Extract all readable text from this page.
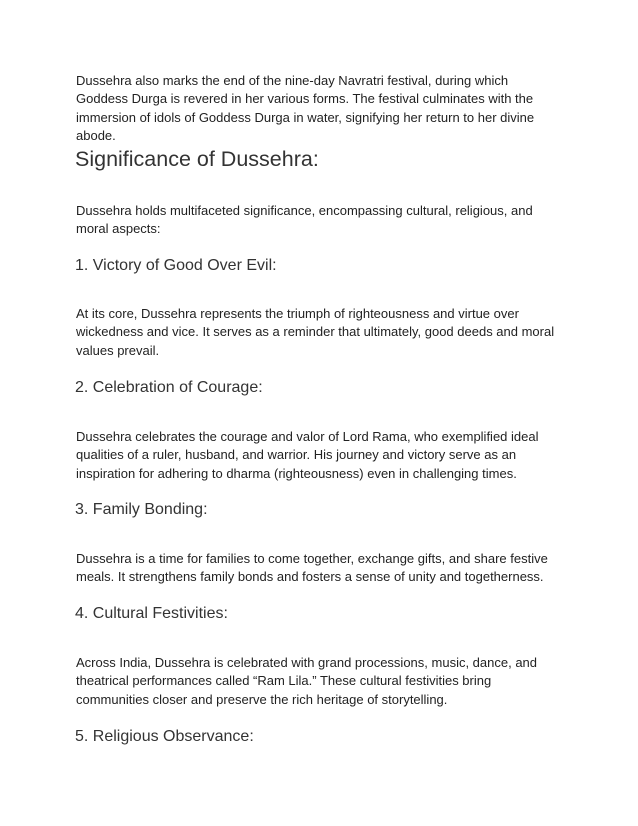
Dussehra also marks the end of the nine-day Navratri festival, during which Goddess Durga is revered in her various forms. The festival culminates with the immersion of idols of Goddess Durga in water, signifying her return to her divine abode.

Significance of Dussehra:

Dussehra holds multifaceted significance, encompassing cultural, religious, and moral aspects:

1. Victory of Good Over Evil:

At its core, Dussehra represents the triumph of righteousness and virtue over wickedness and vice. It serves as a reminder that ultimately, good deeds and moral values prevail.

2. Celebration of Courage:

Dussehra celebrates the courage and valor of Lord Rama, who exemplified ideal qualities of a ruler, husband, and warrior. His journey and victory serve as an inspiration for adhering to dharma (righteousness) even in challenging times.

3. Family Bonding:

Dussehra is a time for families to come together, exchange gifts, and share festive meals. It strengthens family bonds and fosters a sense of unity and togetherness.

4. Cultural Festivities:

Across India, Dussehra is celebrated with grand processions, music, dance, and theatrical performances called “Ram Lila.” These cultural festivities bring communities closer and preserve the rich heritage of storytelling.

5. Religious Observance:
